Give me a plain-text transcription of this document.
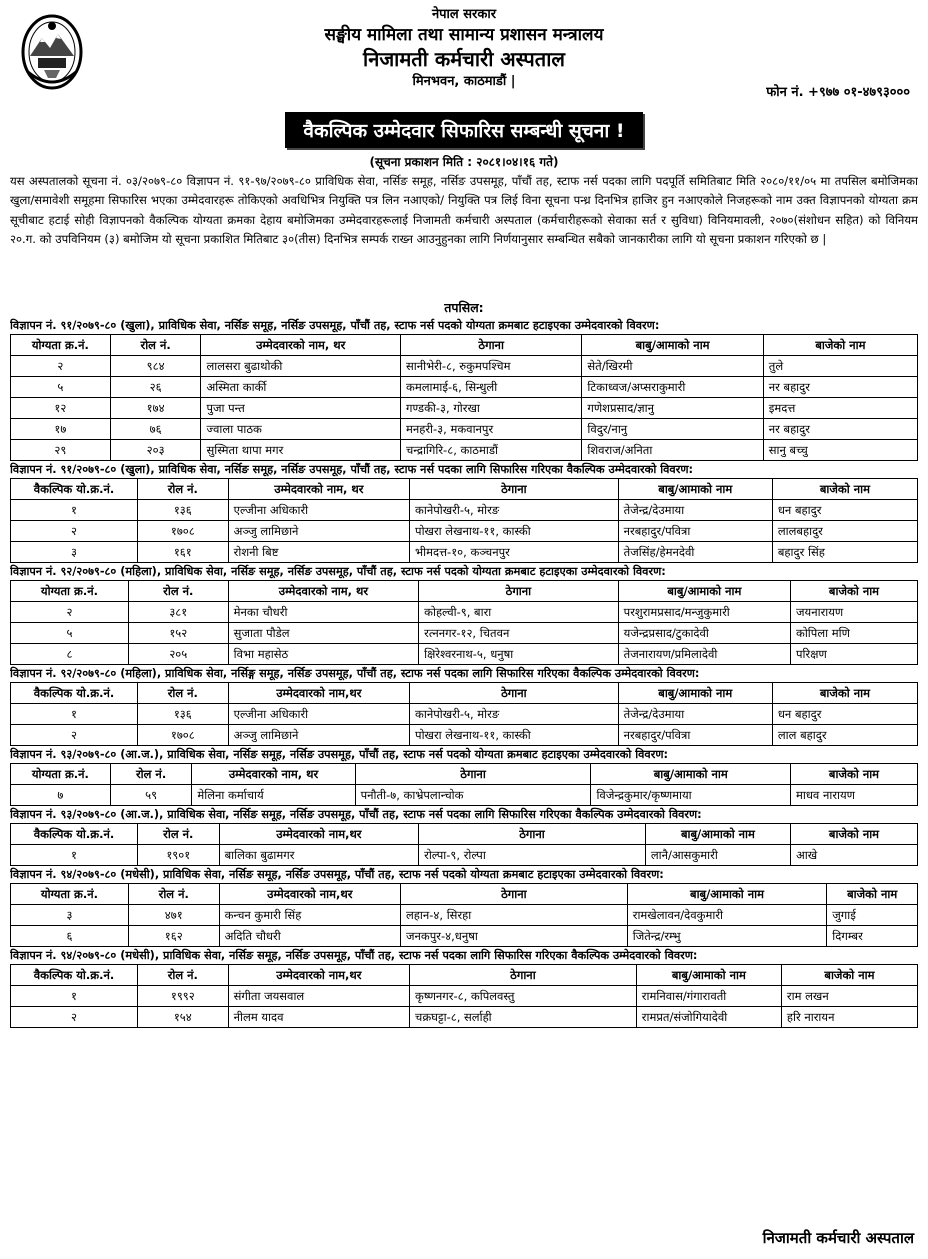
नेपाल सरकार
सङ्घीय मामिला तथा सामान्य प्रशासन मन्त्रालय
निजामती कर्मचारी अस्पताल
मिनभवन, काठमाडौं |
फोन नं. +९७७ ०१-४७९३०००
वैकल्पिक उम्मेदवार सिफारिस सम्बन्धी सूचना !
(सूचना प्रकाशन मिति : २०८१।०४।१६ गते)

यस अस्पतालको सूचना नं. ०३/२०७९-८० विज्ञापन नं. ९१-९७/२०७९-८० प्राविधिक सेवा, नर्सिङ समूह, नर्सिङ उपसमूह, पाँचौं तह, स्टाफ नर्स पदका लागि पदपूर्ति समितिबाट मिति २०८०/११/०५ मा तपसिल बमोजिमका खुला/समावेशी समूहमा सिफारिस भएका उम्मेदवारहरू तोकिएको अवधिभित्र नियुक्ति पत्र लिन नआएको/ नियुक्ति पत्र लिई विना सूचना पन्ध्र दिनभित्र हाजिर हुन नआएकोले निजहरूको नाम उक्त विज्ञापनको योग्यता क्रम सूचीबाट हटाई सोही विज्ञापनको वैकल्पिक योग्यता क्रमका देहाय बमोजिमका उम्मेदवारहरूलाई निजामती कर्मचारी अस्पताल (कर्मचारीहरूको सेवाका सर्त र सुविधा) विनियमावली, २०७०(संशोधन सहित) को विनियम २०.ग. को उपविनियम (३) बमोजिम यो सूचना प्रकाशित मितिबाट ३०(तीस) दिनभित्र सम्पर्क राख्न आउनुहुनका लागि निर्णयानुसार सम्बन्धित सबैको जानकारीका लागि यो सूचना प्रकाशन गरिएको छ |

तपसिल:
विज्ञापन नं. ९१/२०७९-८० (खुला), प्राविधिक सेवा, नर्सिङ समूह, नर्सिङ उपसमूह, पाँचौं तह, स्टाफ नर्स पदको योग्यता क्रमबाट हटाइएका उम्मेदवारको विवरण:
योग्यता क्र.नं.	रोल नं.	उम्मेदवारको नाम, थर	ठेगाना	बाबु/आमाको नाम	बाजेको नाम
२	९८४	लालसरा बुढाथोकी	सानीभेरी-८, रुकुमपश्चिम	सेते/खिरमी	तुले
५	२६	अस्मिता कार्की	कमलामाई-६, सिन्धुली	टिकाध्वज/अप्सराकुमारी	नर बहादुर
१२	१७४	पुजा पन्त	गण्डकी-३, गोरखा	गणेशप्रसाद/ज्ञानु	इमदत्त
१७	७६	ज्वाला पाठक	मनहरी-३, मकवानपुर	विदुर/नानु	नर बहादुर
२९	२०३	सुस्मिता थापा मगर	चन्द्रागिरि-८, काठमाडौं	शिवराज/अनिता	सानु बच्चु
विज्ञापन नं. ९१/२०७९-८० (खुला), प्राविधिक सेवा, नर्सिङ समूह, नर्सिङ उपसमूह, पाँचौं तह, स्टाफ नर्स पदका लागि सिफारिस गरिएका वैकल्पिक उम्मेदवारको विवरण:
वैकल्पिक यो.क्र.नं.	रोल नं.	उम्मेदवारको नाम, थर	ठेगाना	बाबु/आमाको नाम	बाजेको नाम
१	१३६	एल्जीना अधिकारी	कानेपोखरी-५, मोरङ	तेजेन्द्र/देउमाया	धन बहादुर
२	१७०८	अञ्जु लामिछाने	पोखरा लेखनाथ-११, कास्की	नरबहादुर/पवित्रा	लालबहादुर
३	१६१	रोशनी बिष्ट	भीमदत्त-१०, कञ्चनपुर	तेजसिंह/हेमनदेवी	बहादुर सिंह
विज्ञापन नं. ९२/२०७९-८० (महिला), प्राविधिक सेवा, नर्सिङ समूह, नर्सिङ उपसमूह, पाँचौं तह, स्टाफ नर्स पदको योग्यता क्रमबाट हटाइएका उम्मेदवारको विवरण:
योग्यता क्र.नं.	रोल नं.	उम्मेदवारको नाम, थर	ठेगाना	बाबु/आमाको नाम	बाजेको नाम
२	३८१	मेनका चौधरी	कोहल्वी-९, बारा	परशुरामप्रसाद/मन्जुकुमारी	जयनारायण
५	१५२	सुजाता पौडेल	रत्ननगर-१२, चितवन	यजेन्द्रप्रसाद/टुकादेवी	कोपिला मणि
८	२०५	विभा महासेठ	क्षिरेश्वरनाथ-५, धनुषा	तेजनारायण/प्रमिलादेवी	परिक्षण
विज्ञापन नं. ९२/२०७९-८० (महिला), प्राविधिक सेवा, नर्सिङ्ग समूह, नर्सिङ उपसमूह, पाँचौं तह, स्टाफ नर्स पदका लागि सिफारिस गरिएका वैकल्पिक उम्मेदवारको विवरण:
वैकल्पिक यो.क्र.नं.	रोल नं.	उम्मेदवारको नाम,थर	ठेगाना	बाबु/आमाको नाम	बाजेको नाम
१	१३६	एल्जीना अधिकारी	कानेपोखरी-५, मोरङ	तेजेन्द्र/देउमाया	धन बहादुर
२	१७०८	अञ्जु लामिछाने	पोखरा लेखनाथ-११, कास्की	नरबहादुर/पवित्रा	लाल बहादुर
विज्ञापन नं. ९३/२०७९-८० (आ.ज.), प्राविधिक सेवा, नर्सिङ समूह, नर्सिङ उपसमूह, पाँचौं तह, स्टाफ नर्स पदको योग्यता क्रमबाट हटाइएका उम्मेदवारको विवरण:
योग्यता क्र.नं.	रोल नं.	उम्मेदवारको नाम, थर	ठेगाना	बाबु/आमाको नाम	बाजेको नाम
७	५९	मेलिना कर्माचार्य	पनौती-७, काभ्रेपलान्चोक	विजेन्द्रकुमार/कृष्णमाया	माधव नारायण
विज्ञापन नं. ९३/२०७९-८० (आ.ज.), प्राविधिक सेवा, नर्सिङ समूह, नर्सिङ उपसमूह, पाँचौं तह, स्टाफ नर्स पदका लागि सिफारिस गरिएका वैकल्पिक उम्मेदवारको विवरण:
वैकल्पिक यो.क्र.नं.	रोल नं.	उम्मेदवारको नाम,थर	ठेगाना	बाबु/आमाको नाम	बाजेको नाम
१	१९०१	बालिका बुढामगर	रोल्पा-९, रोल्पा	लानै/आसकुमारी	आखे
विज्ञापन नं. ९४/२०७९-८० (मधेसी), प्राविधिक सेवा, नर्सिङ समूह, नर्सिङ उपसमूह, पाँचौं तह, स्टाफ नर्स पदको योग्यता क्रमबाट हटाइएका उम्मेदवारको विवरण:
योग्यता क्र.नं.	रोल नं.	उम्मेदवारको नाम,थर	ठेगाना	बाबु/आमाको नाम	बाजेको नाम
३	४७१	कन्चन कुमारी सिंह	लहान-४, सिरहा	रामखेलावन/देवकुमारी	जुगाई
६	१६२	अदिति चौधरी	जनकपुर-४,धनुषा	जितेन्द्र/रम्भु	दिगम्बर
विज्ञापन नं. ९४/२०७९-८० (मधेसी), प्राविधिक सेवा, नर्सिङ समूह, नर्सिङ उपसमूह, पाँचौं तह, स्टाफ नर्स पदका लागि सिफारिस गरिएका वैकल्पिक उम्मेदवारको विवरण:
वैकल्पिक यो.क्र.नं.	रोल नं.	उम्मेदवारको नाम,थर	ठेगाना	बाबु/आमाको नाम	बाजेको नाम
१	१९९२	संगीता जयसवाल	कृष्णनगर-८, कपिलवस्तु	रामनिवास/गंगारावती	राम लखन
२	१५४	नीलम यादव	चक्रघट्टा-८, सर्लाही	रामप्रत/संजोगियादेवी	हरि नारायन
निजामती कर्मचारी अस्पताल
